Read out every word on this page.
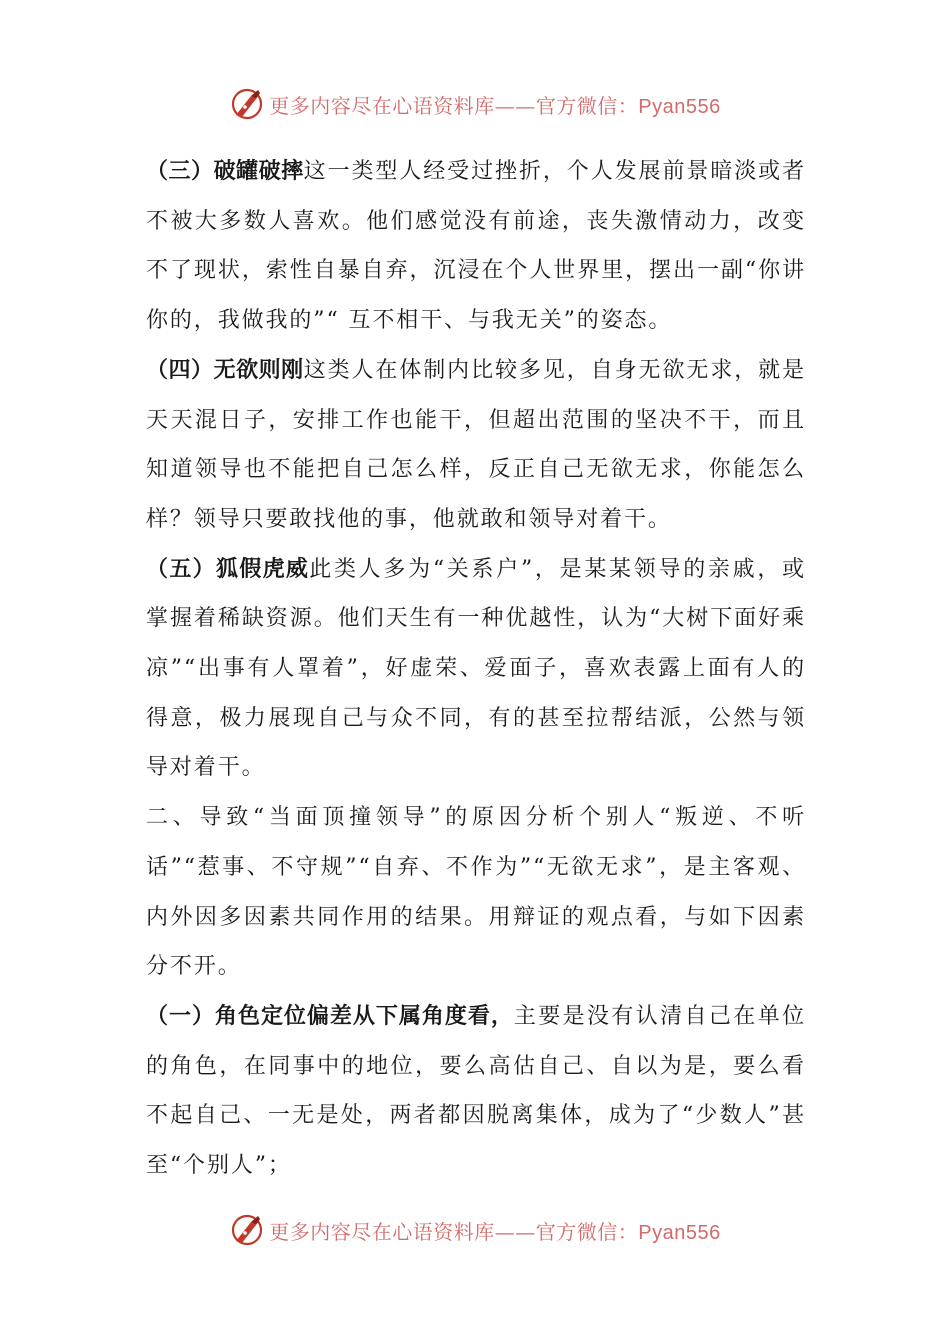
更多内容尽在心语资料库——官方微信：Pyan556

（三）破罐破摔这一类型人经受过挫折，个人发展前景暗淡或者不被大多数人喜欢。他们感觉没有前途，丧失激情动力，改变不了现状，索性自暴自弃，沉浸在个人世界里，摆出一副“你讲你的，我做我的”“ 互不相干、与我无关”的姿态。

（四）无欲则刚这类人在体制内比较多见，自身无欲无求，就是天天混日子，安排工作也能干，但超出范围的坚决不干，而且知道领导也不能把自己怎么样，反正自己无欲无求，你能怎么样？领导只要敢找他的事，他就敢和领导对着干。

（五）狐假虎威此类人多为“关系户”，是某某领导的亲戚，或掌握着稀缺资源。他们天生有一种优越性，认为“大树下面好乘凉”“出事有人罩着”，好虚荣、爱面子，喜欢表露上面有人的得意，极力展现自己与众不同，有的甚至拉帮结派，公然与领导对着干。

二、导致“当面顶撞领导”的原因分析个别人“叛逆、不听话”“惹事、不守规”“自弃、不作为”“无欲无求”，是主客观、内外因多因素共同作用的结果。用辩证的观点看，与如下因素分不开。

（一）角色定位偏差从下属角度看，主要是没有认清自己在单位的角色，在同事中的地位，要么高估自己、自以为是，要么看不起自己、一无是处，两者都因脱离集体，成为了“少数人”甚至“个别人”；

更多内容尽在心语资料库——官方微信：Pyan556
